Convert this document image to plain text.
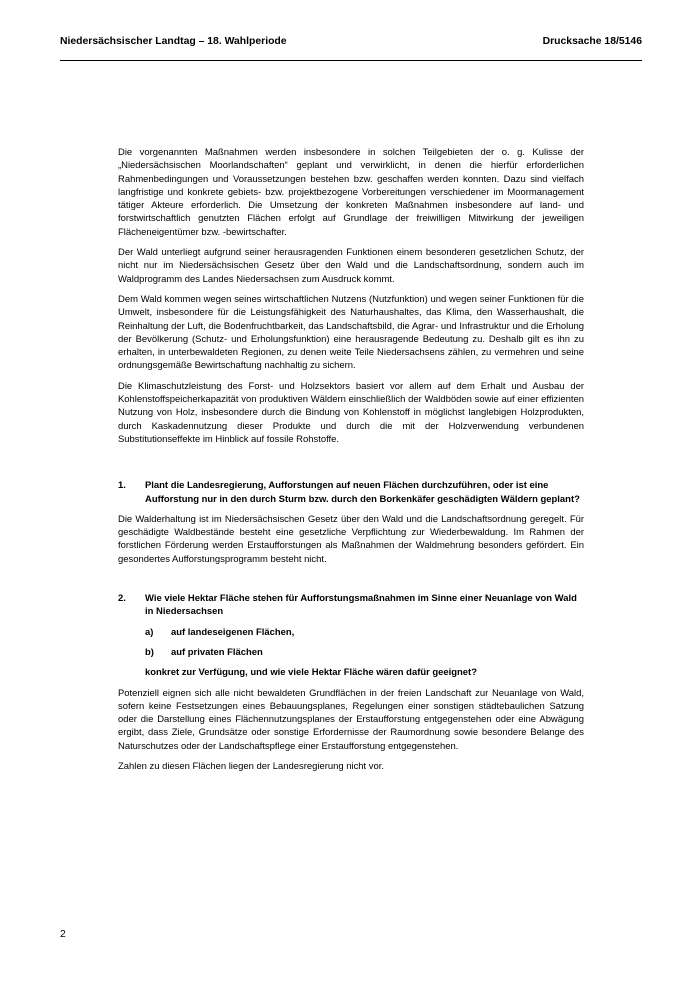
Niedersächsischer Landtag – 18. Wahlperiode	Drucksache 18/5146

Die vorgenannten Maßnahmen werden insbesondere in solchen Teilgebieten der o. g. Kulisse der „Niedersächsischen Moorlandschaften“ geplant und verwirklicht, in denen die hierfür erforderlichen Rahmenbedingungen und Voraussetzungen bestehen bzw. geschaffen werden konnten. Dazu sind vielfach langfristige und konkrete gebiets- bzw. projektbezogene Vorbereitungen verschiedener im Moormanagement tätiger Akteure erforderlich. Die Umsetzung der konkreten Maßnahmen insbesondere auf land- und forstwirtschaftlich genutzten Flächen erfolgt auf Grundlage der freiwilligen Mitwirkung der jeweiligen Flächeneigentümer bzw. -bewirtschafter.

Der Wald unterliegt aufgrund seiner herausragenden Funktionen einem besonderen gesetzlichen Schutz, der nicht nur im Niedersächsischen Gesetz über den Wald und die Landschaftsordnung, sondern auch im Waldprogramm des Landes Niedersachsen zum Ausdruck kommt.

Dem Wald kommen wegen seines wirtschaftlichen Nutzens (Nutzfunktion) und wegen seiner Funktionen für die Umwelt, insbesondere für die Leistungsfähigkeit des Naturhaushaltes, das Klima, den Wasserhaushalt, die Reinhaltung der Luft, die Bodenfruchtbarkeit, das Landschaftsbild, die Agrar- und Infrastruktur und die Erholung der Bevölkerung (Schutz- und Erholungsfunktion) eine herausragende Bedeutung zu. Deshalb gilt es ihn zu erhalten, in unterbewaldeten Regionen, zu denen weite Teile Niedersachsens zählen, zu vermehren und seine ordnungsgemäße Bewirtschaftung nachhaltig zu sichern.

Die Klimaschutzleistung des Forst- und Holzsektors basiert vor allem auf dem Erhalt und Ausbau der Kohlenstoffspeicherkapazität von produktiven Wäldern einschließlich der Waldböden sowie auf einer effizienten Nutzung von Holz, insbesondere durch die Bindung von Kohlenstoff in möglichst langlebigen Holzprodukten, durch Kaskadennutzung dieser Produkte und durch die mit der Holzverwendung verbundenen Substitutionseffekte im Hinblick auf fossile Rohstoffe.

1.	Plant die Landesregierung, Aufforstungen auf neuen Flächen durchzuführen, oder ist eine Aufforstung nur in den durch Sturm bzw. durch den Borkenkäfer geschädigten Wäldern geplant?

Die Walderhaltung ist im Niedersächsischen Gesetz über den Wald und die Landschaftsordnung geregelt. Für geschädigte Waldbestände besteht eine gesetzliche Verpflichtung zur Wiederbewaldung. Im Rahmen der forstlichen Förderung werden Erstaufforstungen als Maßnahmen der Waldmehrung besonders gefördert. Ein gesondertes Aufforstungsprogramm besteht nicht.

2.	Wie viele Hektar Fläche stehen für Aufforstungsmaßnahmen im Sinne einer Neuanlage von Wald in Niedersachsen
a)	auf landeseigenen Flächen,
b)	auf privaten Flächen
konkret zur Verfügung, und wie viele Hektar Fläche wären dafür geeignet?

Potenziell eignen sich alle nicht bewaldeten Grundflächen in der freien Landschaft zur Neuanlage von Wald, sofern keine Festsetzungen eines Bebauungsplanes, Regelungen einer sonstigen städtebaulichen Satzung oder die Darstellung eines Flächennutzungsplanes der Erstaufforstung entgegenstehen oder eine Abwägung ergibt, dass Ziele, Grundsätze oder sonstige Erfordernisse der Raumordnung sowie besondere Belange des Naturschutzes oder der Landschaftspflege einer Erstaufforstung entgegenstehen.

Zahlen zu diesen Flächen liegen der Landesregierung nicht vor.

2
